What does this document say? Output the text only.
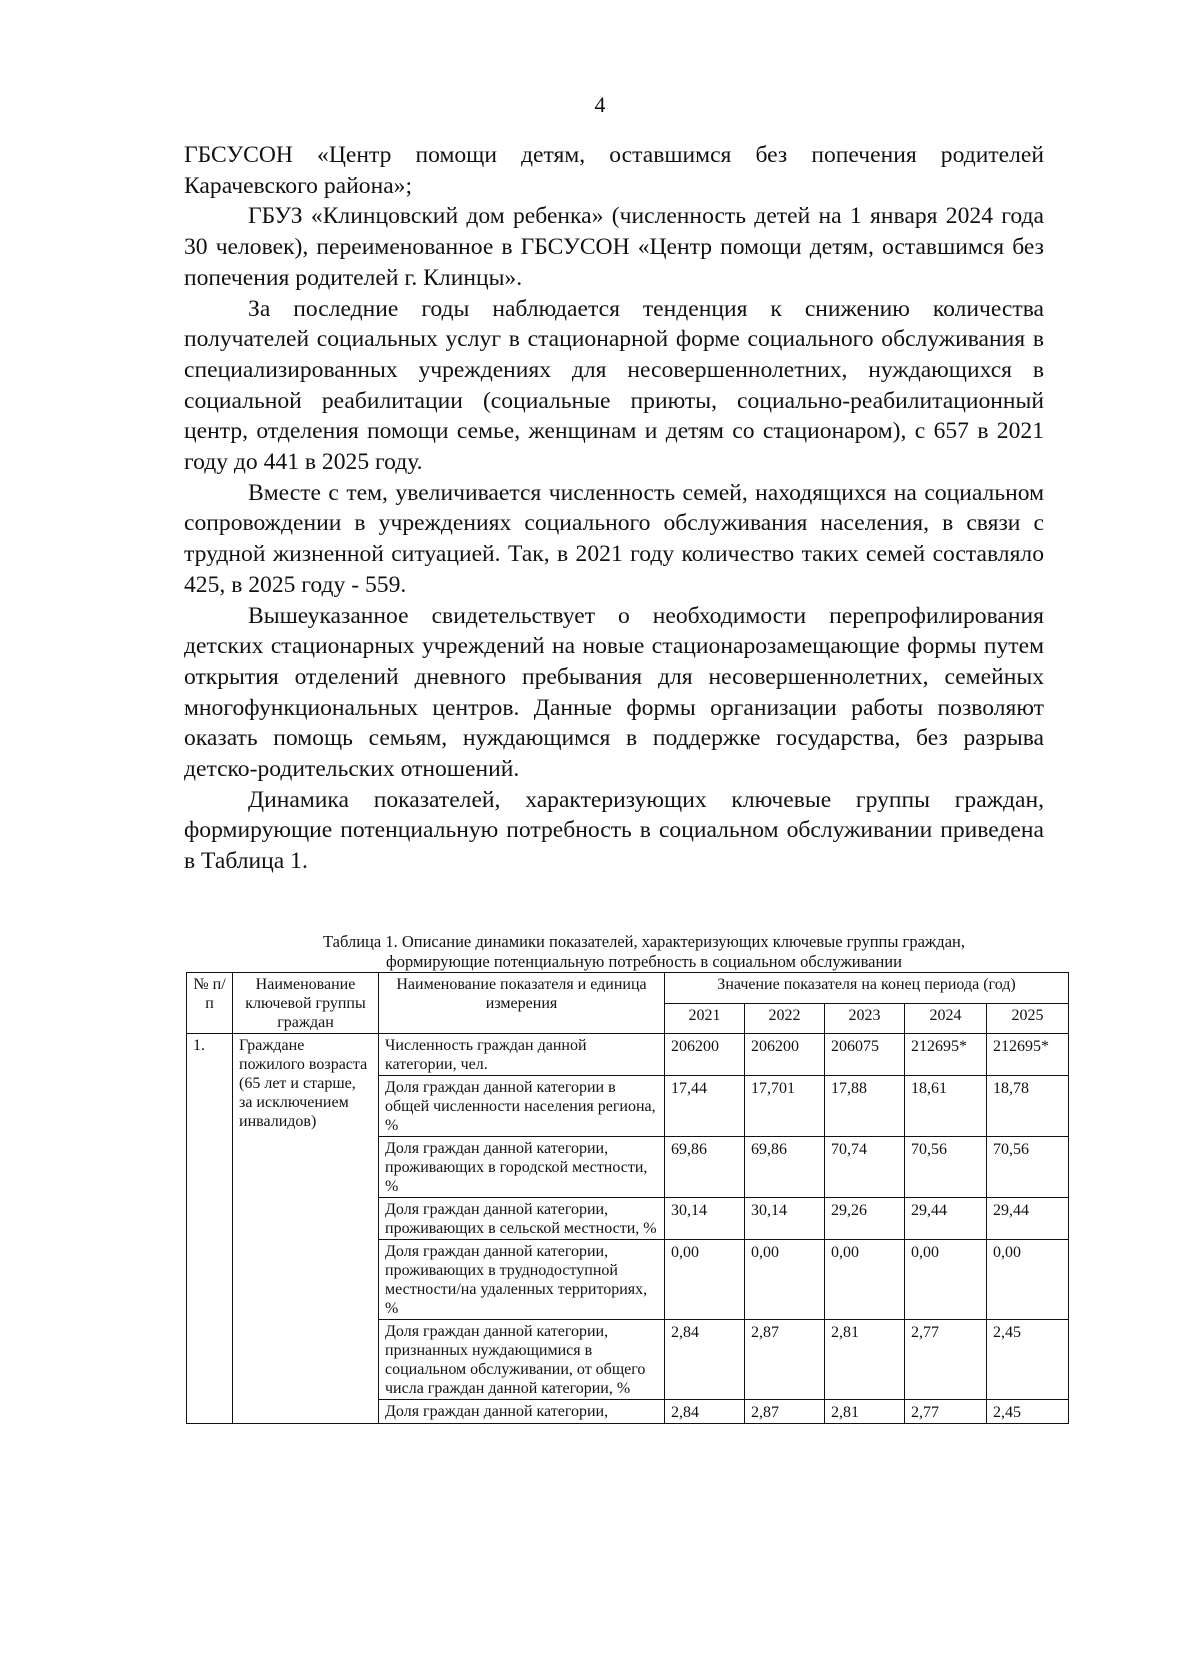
4

ГБСУСОН «Центр помощи детям, оставшимся без попечения родителей Карачевского района»;

ГБУЗ «Клинцовский дом ребенка» (численность детей на 1 января 2024 года 30 человек), переименованное в ГБСУСОН «Центр помощи детям, оставшимся без попечения родителей г. Клинцы».

За последние годы наблюдается тенденция к снижению количества получателей социальных услуг в стационарной форме социального обслуживания в специализированных учреждениях для несовершеннолетних, нуждающихся в социальной реабилитации (социальные приюты, социально-реабилитационный центр, отделения помощи семье, женщинам и детям со стационаром), с 657 в 2021 году до 441 в 2025 году.

Вместе с тем, увеличивается численность семей, находящихся на социальном сопровождении в учреждениях социального обслуживания населения, в связи с трудной жизненной ситуацией. Так, в 2021 году количество таких семей составляло 425, в 2025 году - 559.

Вышеуказанное свидетельствует о необходимости перепрофилирования детских стационарных учреждений на новые стационарозамещающие формы путем открытия отделений дневного пребывания для несовершеннолетних, семейных многофункциональных центров. Данные формы организации работы позволяют оказать помощь семьям, нуждающимся в поддержке государства, без разрыва детско-родительских отношений.

Динамика показателей, характеризующих ключевые группы граждан, формирующие потенциальную потребность в социальном обслуживании приведена в Таблица 1.

Таблица 1. Описание динамики показателей, характеризующих ключевые группы граждан,
формирующие потенциальную потребность в социальном обслуживании
№ п/п	Наименование ключевой группы граждан	Наименование показателя и единица измерения	Значение показателя на конец периода (год)				
			2021	2022	2023	2024	2025
1.	Граждане пожилого возраста (65 лет и старше, за исключением инвалидов)	Численность граждан данной категории, чел.	206200	206200	206075	212695*	212695*
		Доля граждан данной категории в общей численности населения региона, %	17,44	17,701	17,88	18,61	18,78
		Доля граждан данной категории, проживающих в городской местности, %	69,86	69,86	70,74	70,56	70,56
		Доля граждан данной категории, проживающих в сельской местности, %	30,14	30,14	29,26	29,44	29,44
		Доля граждан данной категории, проживающих в труднодоступной местности/на удаленных территориях, %	0,00	0,00	0,00	0,00	0,00
		Доля граждан данной категории, признанных нуждающимися в социальном обслуживании, от общего числа граждан данной категории, %	2,84	2,87	2,81	2,77	2,45
		Доля граждан данной категории,	2,84	2,87	2,81	2,77	2,45
